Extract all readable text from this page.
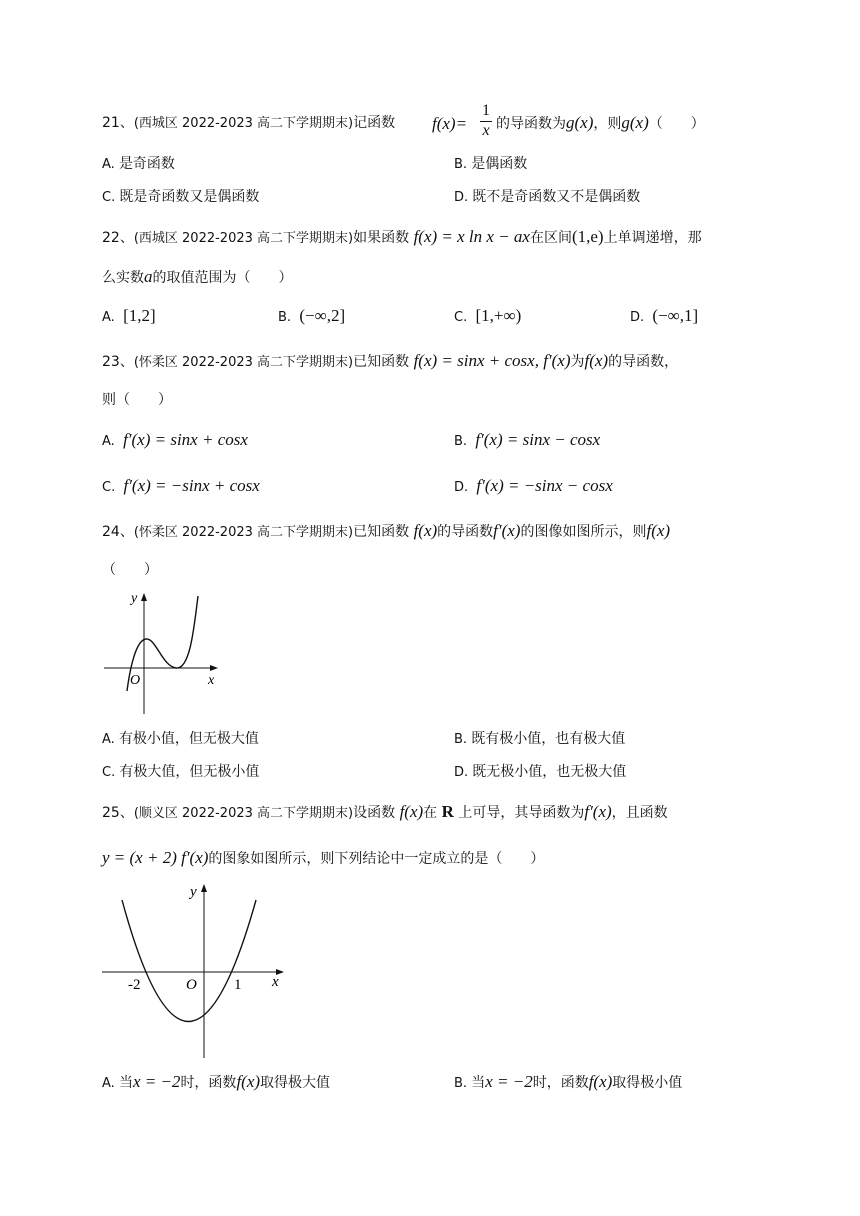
21、(西城区 2022-2023 高二下学期期末)记函数 f(x)=
1
x 的导函数为g(x)，则g(x)（　　）
A. 是奇函数	B. 是偶函数
C. 既是奇函数又是偶函数	D. 既不是奇函数又不是偶函数
22、(西城区 2022-2023 高二下学期期末)如果函数 f(x) = x ln x − ax在区间(1,e)上单调递增，那
么实数a的取值范围为（　　）
A. [1,2]	B. (−∞,2]	C. [1,+∞)	D. (−∞,1]
23、(怀柔区 2022-2023 高二下学期期末)已知函数 f(x) = sinx + cosx, f′(x)为f(x)的导函数，
则（　　）
A. f′(x) = sinx + cosx	B. f′(x) = sinx − cosx
C. f′(x) = −sinx + cosx	D. f′(x) = −sinx − cosx
24、(怀柔区 2022-2023 高二下学期期末)已知函数 f(x)的导函数f′(x)的图像如图所示，则f(x)
（　　）
y
x
O
A. 有极小值，但无极大值	B. 既有极小值，也有极大值
C. 有极大值，但无极小值	D. 既无极小值，也无极大值
25、(顺义区 2022-2023 高二下学期期末)设函数 f(x)在 R 上可导，其导函数为f′(x)，且函数
y = (x + 2) f′(x)的图象如图所示，则下列结论中一定成立的是（　　）
y
x
O
-2	1
A. 当x = −2时，函数f(x)取得极大值	B. 当x = −2时，函数f(x)取得极小值
